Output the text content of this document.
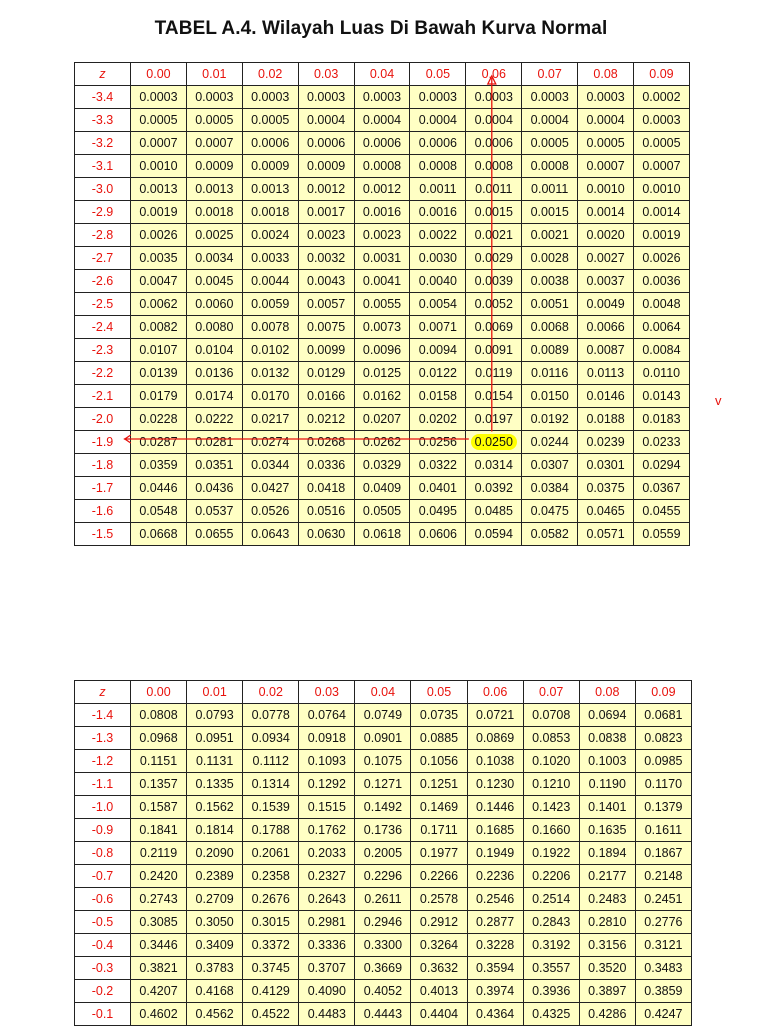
TABEL A.4. Wilayah Luas Di Bawah Kurva Normal
z	0.00	0.01	0.02	0.03	0.04	0.05	0.06	0.07	0.08	0.09
-3.4	0.0003	0.0003	0.0003	0.0003	0.0003	0.0003	0.0003	0.0003	0.0003	0.0002
-3.3	0.0005	0.0005	0.0005	0.0004	0.0004	0.0004	0.0004	0.0004	0.0004	0.0003
-3.2	0.0007	0.0007	0.0006	0.0006	0.0006	0.0006	0.0006	0.0005	0.0005	0.0005
-3.1	0.0010	0.0009	0.0009	0.0009	0.0008	0.0008	0.0008	0.0008	0.0007	0.0007
-3.0	0.0013	0.0013	0.0013	0.0012	0.0012	0.0011	0.0011	0.0011	0.0010	0.0010
-2.9	0.0019	0.0018	0.0018	0.0017	0.0016	0.0016	0.0015	0.0015	0.0014	0.0014
-2.8	0.0026	0.0025	0.0024	0.0023	0.0023	0.0022	0.0021	0.0021	0.0020	0.0019
-2.7	0.0035	0.0034	0.0033	0.0032	0.0031	0.0030	0.0029	0.0028	0.0027	0.0026
-2.6	0.0047	0.0045	0.0044	0.0043	0.0041	0.0040	0.0039	0.0038	0.0037	0.0036
-2.5	0.0062	0.0060	0.0059	0.0057	0.0055	0.0054	0.0052	0.0051	0.0049	0.0048
-2.4	0.0082	0.0080	0.0078	0.0075	0.0073	0.0071	0.0069	0.0068	0.0066	0.0064
-2.3	0.0107	0.0104	0.0102	0.0099	0.0096	0.0094	0.0091	0.0089	0.0087	0.0084
-2.2	0.0139	0.0136	0.0132	0.0129	0.0125	0.0122	0.0119	0.0116	0.0113	0.0110
-2.1	0.0179	0.0174	0.0170	0.0166	0.0162	0.0158	0.0154	0.0150	0.0146	0.0143
-2.0	0.0228	0.0222	0.0217	0.0212	0.0207	0.0202	0.0197	0.0192	0.0188	0.0183
-1.9	0.0287	0.0281	0.0274	0.0268	0.0262	0.0256	0.0250	0.0244	0.0239	0.0233
-1.8	0.0359	0.0351	0.0344	0.0336	0.0329	0.0322	0.0314	0.0307	0.0301	0.0294
-1.7	0.0446	0.0436	0.0427	0.0418	0.0409	0.0401	0.0392	0.0384	0.0375	0.0367
-1.6	0.0548	0.0537	0.0526	0.0516	0.0505	0.0495	0.0485	0.0475	0.0465	0.0455
-1.5	0.0668	0.0655	0.0643	0.0630	0.0618	0.0606	0.0594	0.0582	0.0571	0.0559
z	0.00	0.01	0.02	0.03	0.04	0.05	0.06	0.07	0.08	0.09
-1.4	0.0808	0.0793	0.0778	0.0764	0.0749	0.0735	0.0721	0.0708	0.0694	0.0681
-1.3	0.0968	0.0951	0.0934	0.0918	0.0901	0.0885	0.0869	0.0853	0.0838	0.0823
-1.2	0.1151	0.1131	0.1112	0.1093	0.1075	0.1056	0.1038	0.1020	0.1003	0.0985
-1.1	0.1357	0.1335	0.1314	0.1292	0.1271	0.1251	0.1230	0.1210	0.1190	0.1170
-1.0	0.1587	0.1562	0.1539	0.1515	0.1492	0.1469	0.1446	0.1423	0.1401	0.1379
-0.9	0.1841	0.1814	0.1788	0.1762	0.1736	0.1711	0.1685	0.1660	0.1635	0.1611
-0.8	0.2119	0.2090	0.2061	0.2033	0.2005	0.1977	0.1949	0.1922	0.1894	0.1867
-0.7	0.2420	0.2389	0.2358	0.2327	0.2296	0.2266	0.2236	0.2206	0.2177	0.2148
-0.6	0.2743	0.2709	0.2676	0.2643	0.2611	0.2578	0.2546	0.2514	0.2483	0.2451
-0.5	0.3085	0.3050	0.3015	0.2981	0.2946	0.2912	0.2877	0.2843	0.2810	0.2776
-0.4	0.3446	0.3409	0.3372	0.3336	0.3300	0.3264	0.3228	0.3192	0.3156	0.3121
-0.3	0.3821	0.3783	0.3745	0.3707	0.3669	0.3632	0.3594	0.3557	0.3520	0.3483
-0.2	0.4207	0.4168	0.4129	0.4090	0.4052	0.4013	0.3974	0.3936	0.3897	0.3859
-0.1	0.4602	0.4562	0.4522	0.4483	0.4443	0.4404	0.4364	0.4325	0.4286	0.4247
v
